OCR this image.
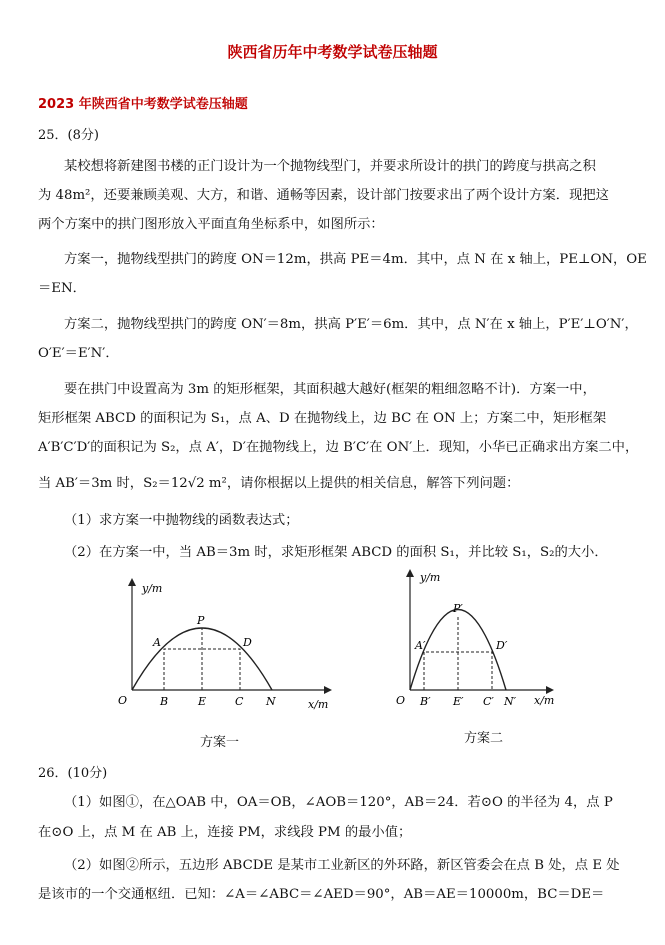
陕西省历年中考数学试卷压轴题
2023 年陕西省中考数学试卷压轴题
25．(8分)
某校想将新建图书楼的正门设计为一个抛物线型门，并要求所设计的拱门的跨度与拱高之积
为 48m²，还要兼顾美观、大方，和谐、通畅等因素，设计部门按要求出了两个设计方案．现把这
两个方案中的拱门图形放入平面直角坐标系中，如图所示：
方案一，抛物线型拱门的跨度 ON＝12m，拱高 PE＝4m．其中，点 N 在 x 轴上，PE⊥ON，OE
＝EN．
方案二，抛物线型拱门的跨度 ON′＝8m，拱高 P′E′＝6m．其中，点 N′在 x 轴上，P′E′⊥O′N′，
O′E′＝E′N′．
要在拱门中设置高为 3m 的矩形框架，其面积越大越好(框架的粗细忽略不计)．方案一中，
矩形框架 ABCD 的面积记为 S₁，点 A、D 在抛物线上，边 BC 在 ON 上；方案二中，矩形框架
A′B′C′D′的面积记为 S₂，点 A′，D′在抛物线上，边 B′C′在 ON′上．现知，小华已正确求出方案二中，
当 AB′＝3m 时，S₂＝12√2 m²，请你根据以上提供的相关信息，解答下列问题：
（1）求方案一中抛物线的函数表达式；
（2）在方案一中，当 AB＝3m 时，求矩形框架 ABCD 的面积 S₁，并比较 S₁，S₂的大小．
y/m
x/m
O	B	E	C N
A
P
D
方案一
y/m
x/m
O B′ E′ C′ N′
A′
P′
D′
方案二
26．(10分)
（1）如图①，在△OAB 中，OA＝OB，∠AOB＝120°，AB＝24．若⊙O 的半径为 4，点 P
在⊙O 上，点 M 在 AB 上，连接 PM，求线段 PM 的最小值；
（2）如图②所示，五边形 ABCDE 是某市工业新区的外环路，新区管委会在点 B 处，点 E 处
是该市的一个交通枢纽．已知：∠A＝∠ABC＝∠AED＝90°，AB＝AE＝10000m，BC＝DE＝
